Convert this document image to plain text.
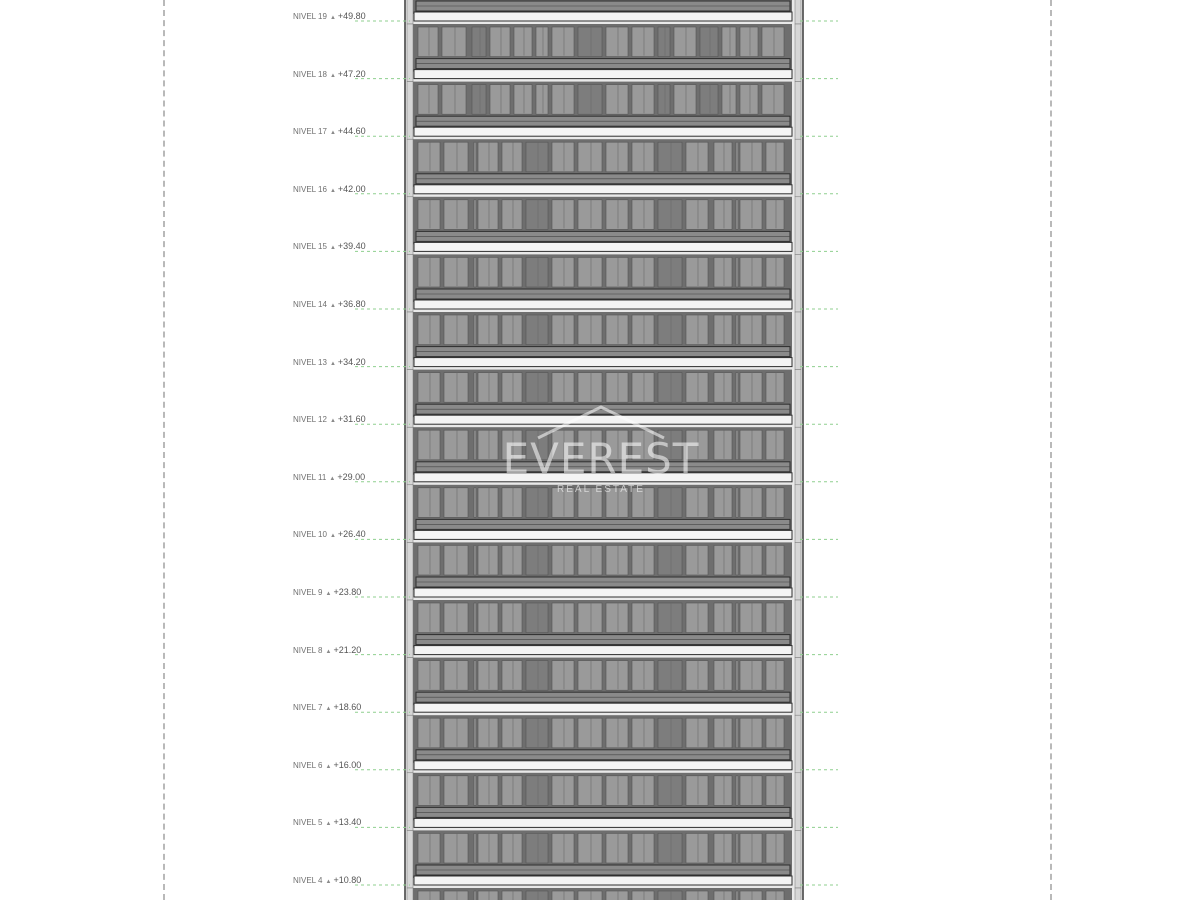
NIVEL 19 ▲ +49.80
NIVEL 18 ▲ +47.20
NIVEL 17 ▲ +44.60
NIVEL 16 ▲ +42.00
NIVEL 15 ▲ +39.40
NIVEL 14 ▲ +36.80
NIVEL 13 ▲ +34.20
NIVEL 12 ▲ +31.60
NIVEL 11 ▲ +29.00
NIVEL 10 ▲ +26.40
NIVEL 9 ▲ +23.80
NIVEL 8 ▲ +21.20
NIVEL 7 ▲ +18.60
NIVEL 6 ▲ +16.00
NIVEL 5 ▲ +13.40
NIVEL 4 ▲ +10.80
EVEREST
REAL ESTATE
